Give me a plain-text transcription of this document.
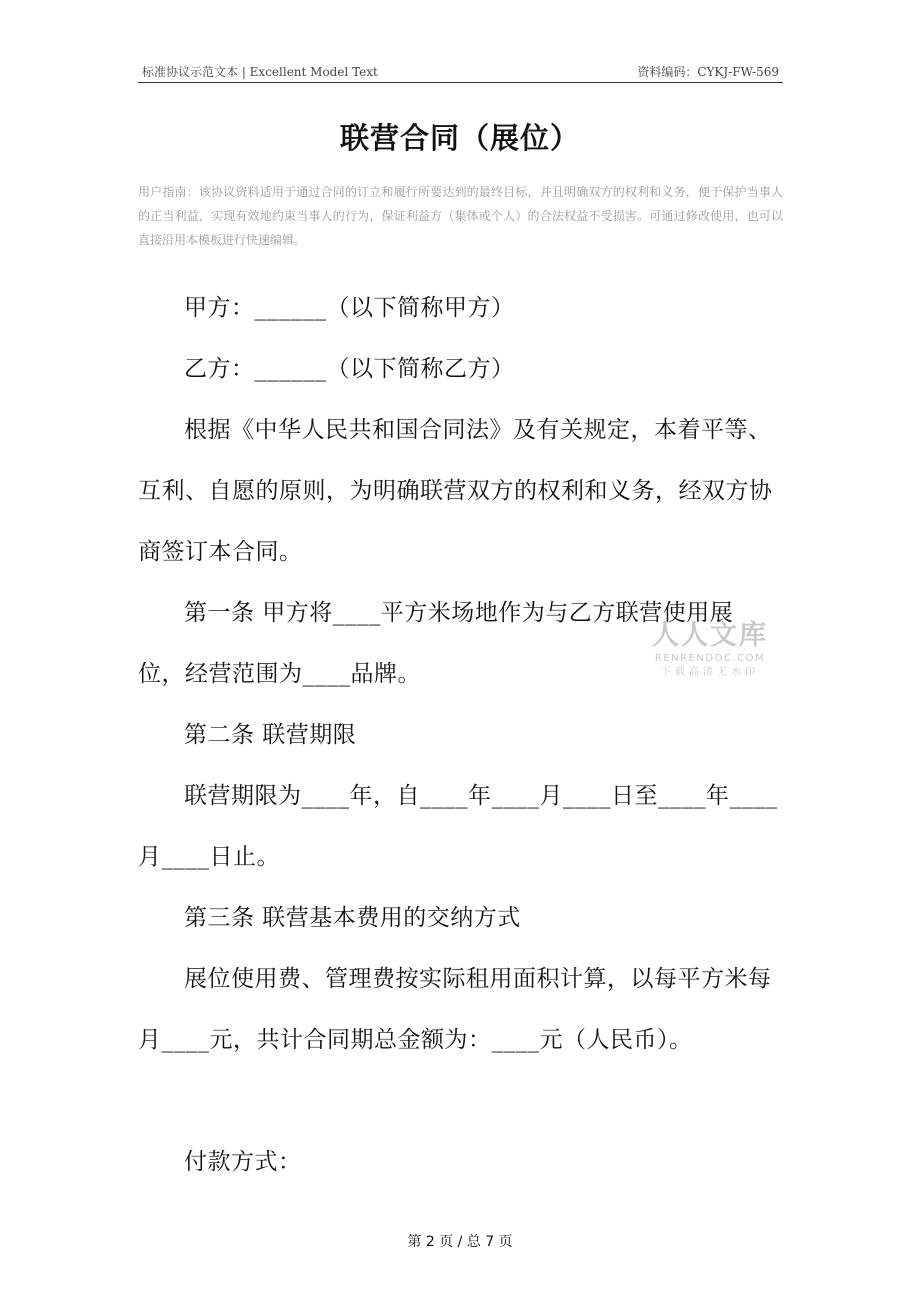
标准协议示范文本 | Excellent Model Text	资料编码：CYKJ-FW-569
联营合同（展位）
用户指南：该协议资料适用于通过合同的订立和履行所要达到的最终目标，并且明确双方的权利和义务，便于保护当事人的正当利益，实现有效地约束当事人的行为，保证利益方（集体或个人）的合法权益不受损害。可通过修改使用，也可以直接沿用本模板进行快速编辑。

甲方：______（以下简称甲方）

乙方：______（以下简称乙方）

根据《中华人民共和国合同法》及有关规定，本着平等、互利、自愿的原则，为明确联营双方的权利和义务，经双方协商签订本合同。

第一条 甲方将____平方米场地作为与乙方联营使用展位，经营范围为____品牌。

第二条 联营期限

联营期限为____年，自____年____月____日至____年____月____日止。

第三条 联营基本费用的交纳方式

展位使用费、管理费按实际租用面积计算，以每平方米每月____元，共计合同期总金额为：____元（人民币）。

付款方式：

人人文库
RENRENDOC.COM
下载高清无水印
第 2 页 / 总 7 页
